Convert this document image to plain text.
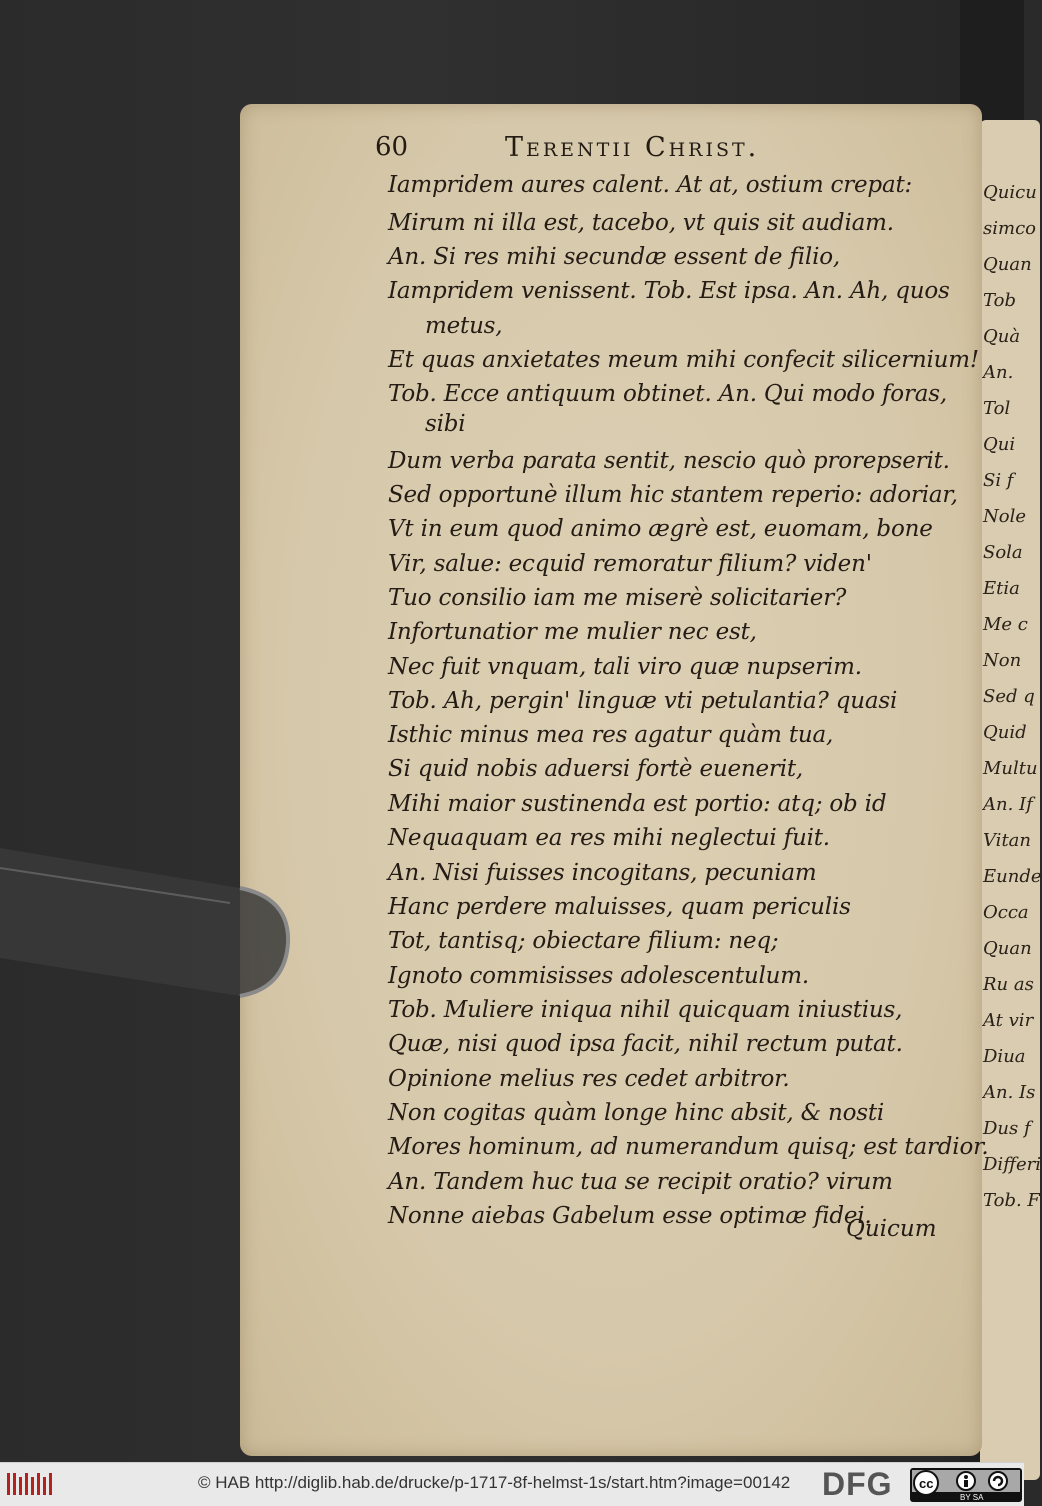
Quicu
simco
Quan
Tob
Quà
An.
Tol
Qui
Si f
Nole
Sola
Etia
Me c
Non
Sed q
Quid
Multu
An. If
Vitan
Eunde
Occa
Quan
Ru as
At vir
Diua
An. Is
Dus f
Differi
Tob. F
60	Terentii Christ.
Iampridem aures calent. At at, ostium crepat:
Mirum ni illa est, tacebo, vt quis sit audiam.
An. Si res mihi secundæ essent de filio,
Iampridem venissent. Tob. Est ipsa. An. Ah, quos
metus,
Et quas anxietates meum mihi confecit silicernium!
Tob. Ecce antiquum obtinet. An. Qui modo foras,
sibi
Dum verba parata sentit, nescio quò prorepserit.
Sed opportunè illum hic stantem reperio: adoriar,
Vt in eum quod animo ægrè est, euomam, bone
Vir, salue: ecquid remoratur filium? viden'
Tuo consilio iam me miserè solicitarier?
Infortunatior me mulier nec est,
Nec fuit vnquam, tali viro quæ nupserim.
Tob. Ah, pergin' linguæ vti petulantia? quasi
Isthic minus mea res agatur quàm tua,
Si quid nobis aduersi fortè euenerit,
Mihi maior sustinenda est portio: atq; ob id
Nequaquam ea res mihi neglectui fuit.
An. Nisi fuisses incogitans, pecuniam
Hanc perdere maluisses, quam periculis
Tot, tantisq; obiectare filium: neq;
Ignoto commisisses adolescentulum.
Tob. Muliere iniqua nihil quicquam iniustius,
Quæ, nisi quod ipsa facit, nihil rectum putat.
Opinione melius res cedet arbitror.
Non cogitas quàm longe hinc absit, & nosti
Mores hominum, ad numerandum quisq; est tardior.
An. Tandem huc tua se recipit oratio? virum
Nonne aiebas Gabelum esse optimæ fidei.
Quicum
© HAB http://diglib.hab.de/drucke/p-1717-8f-helmst-1s/start.htm?image=00142 DFG cc
BY SA
